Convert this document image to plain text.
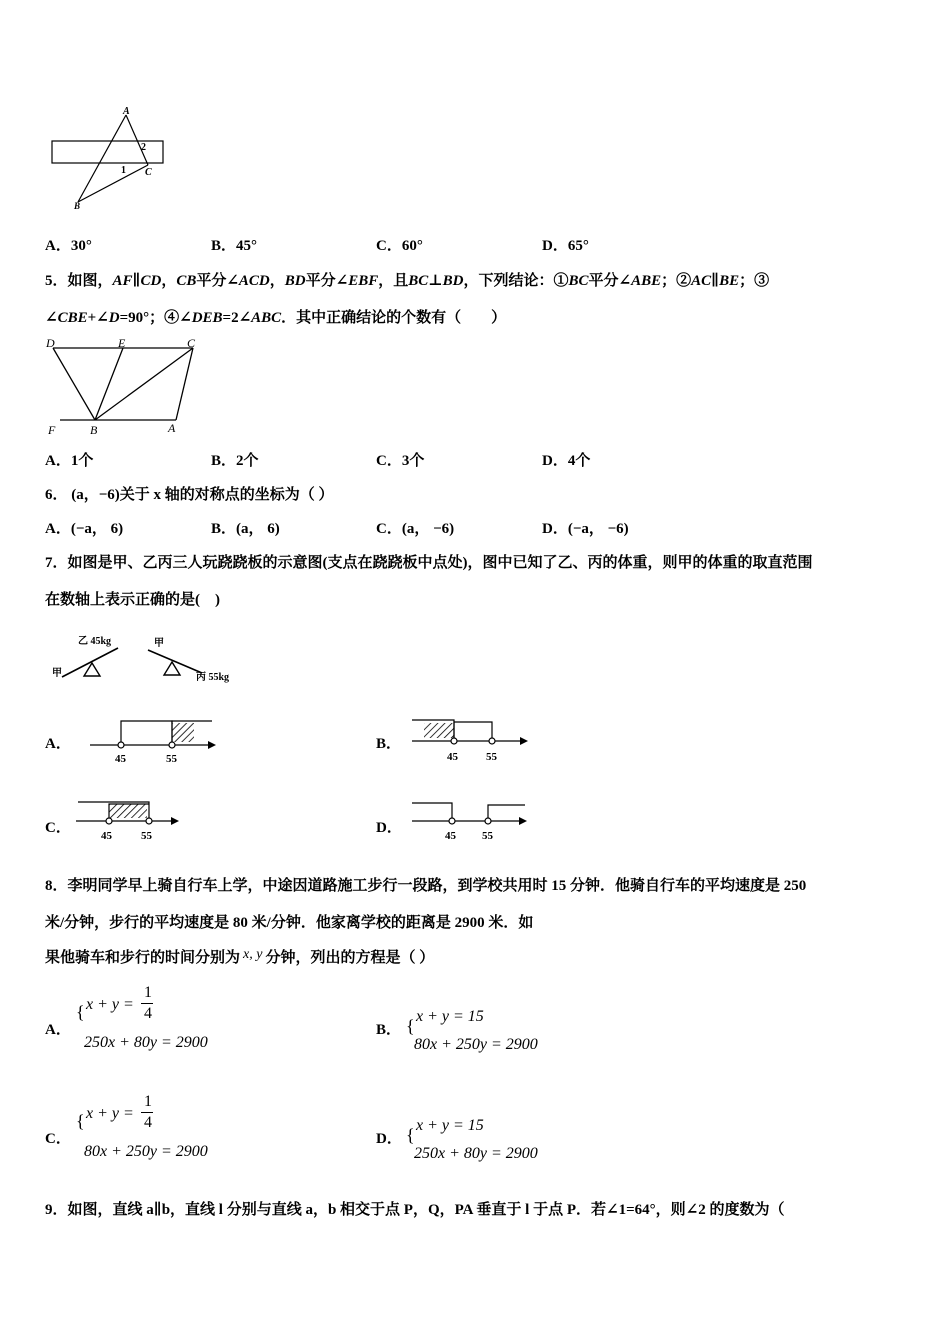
A
2
1 C
B
A．30°	B．45°	C．60°	D．65°
5．如图，AF∥CD，CB平分∠ACD，BD平分∠EBF，且BC⊥BD，下列结论：①BC平分∠ABE；②AC∥BE；③
∠CBE+∠D=90°；④∠DEB=2∠ABC．其中正确结论的个数有（　　）
D	E	C
F	B	A
A．1个	B．2个	C．3个	D．4个
6． (a，−6)关于 x 轴的对称点的坐标为（ ）
A．(−a， 6)	B．(a， 6)	C．(a， −6)	D．(−a， −6)
7．如图是甲、乙丙三人玩跷跷板的示意图(支点在跷跷板中点处)，图中已知了乙、丙的体重，则甲的体重的取直范围
在数轴上表示正确的是(　)
乙 45kg
甲
甲
丙 55kg
A．
45	55
B．
45	55
C．	45	55	D．	45 55
8．李明同学早上骑自行车上学，中途因道路施工步行一段路，到学校共用时 15 分钟．他骑自行车的平均速度是 250
米/分钟，步行的平均速度是 80 米/分钟．他家离学校的距离是 2900 米．如
果他骑车和步行的时间分别为 x, y 分钟，列出的方程是（ ）
A．
{ x + y =
1
4
250x + 80y = 2900
B． { x + y = 15
80x + 250y = 2900
C．
{ x + y =
1
4
80x + 250y = 2900
D． { x + y = 15
250x + 80y = 2900
9．如图，直线 a∥b，直线 l 分别与直线 a，b 相交于点 P，Q，PA 垂直于 l 于点 P．若∠1=64°，则∠2 的度数为（
